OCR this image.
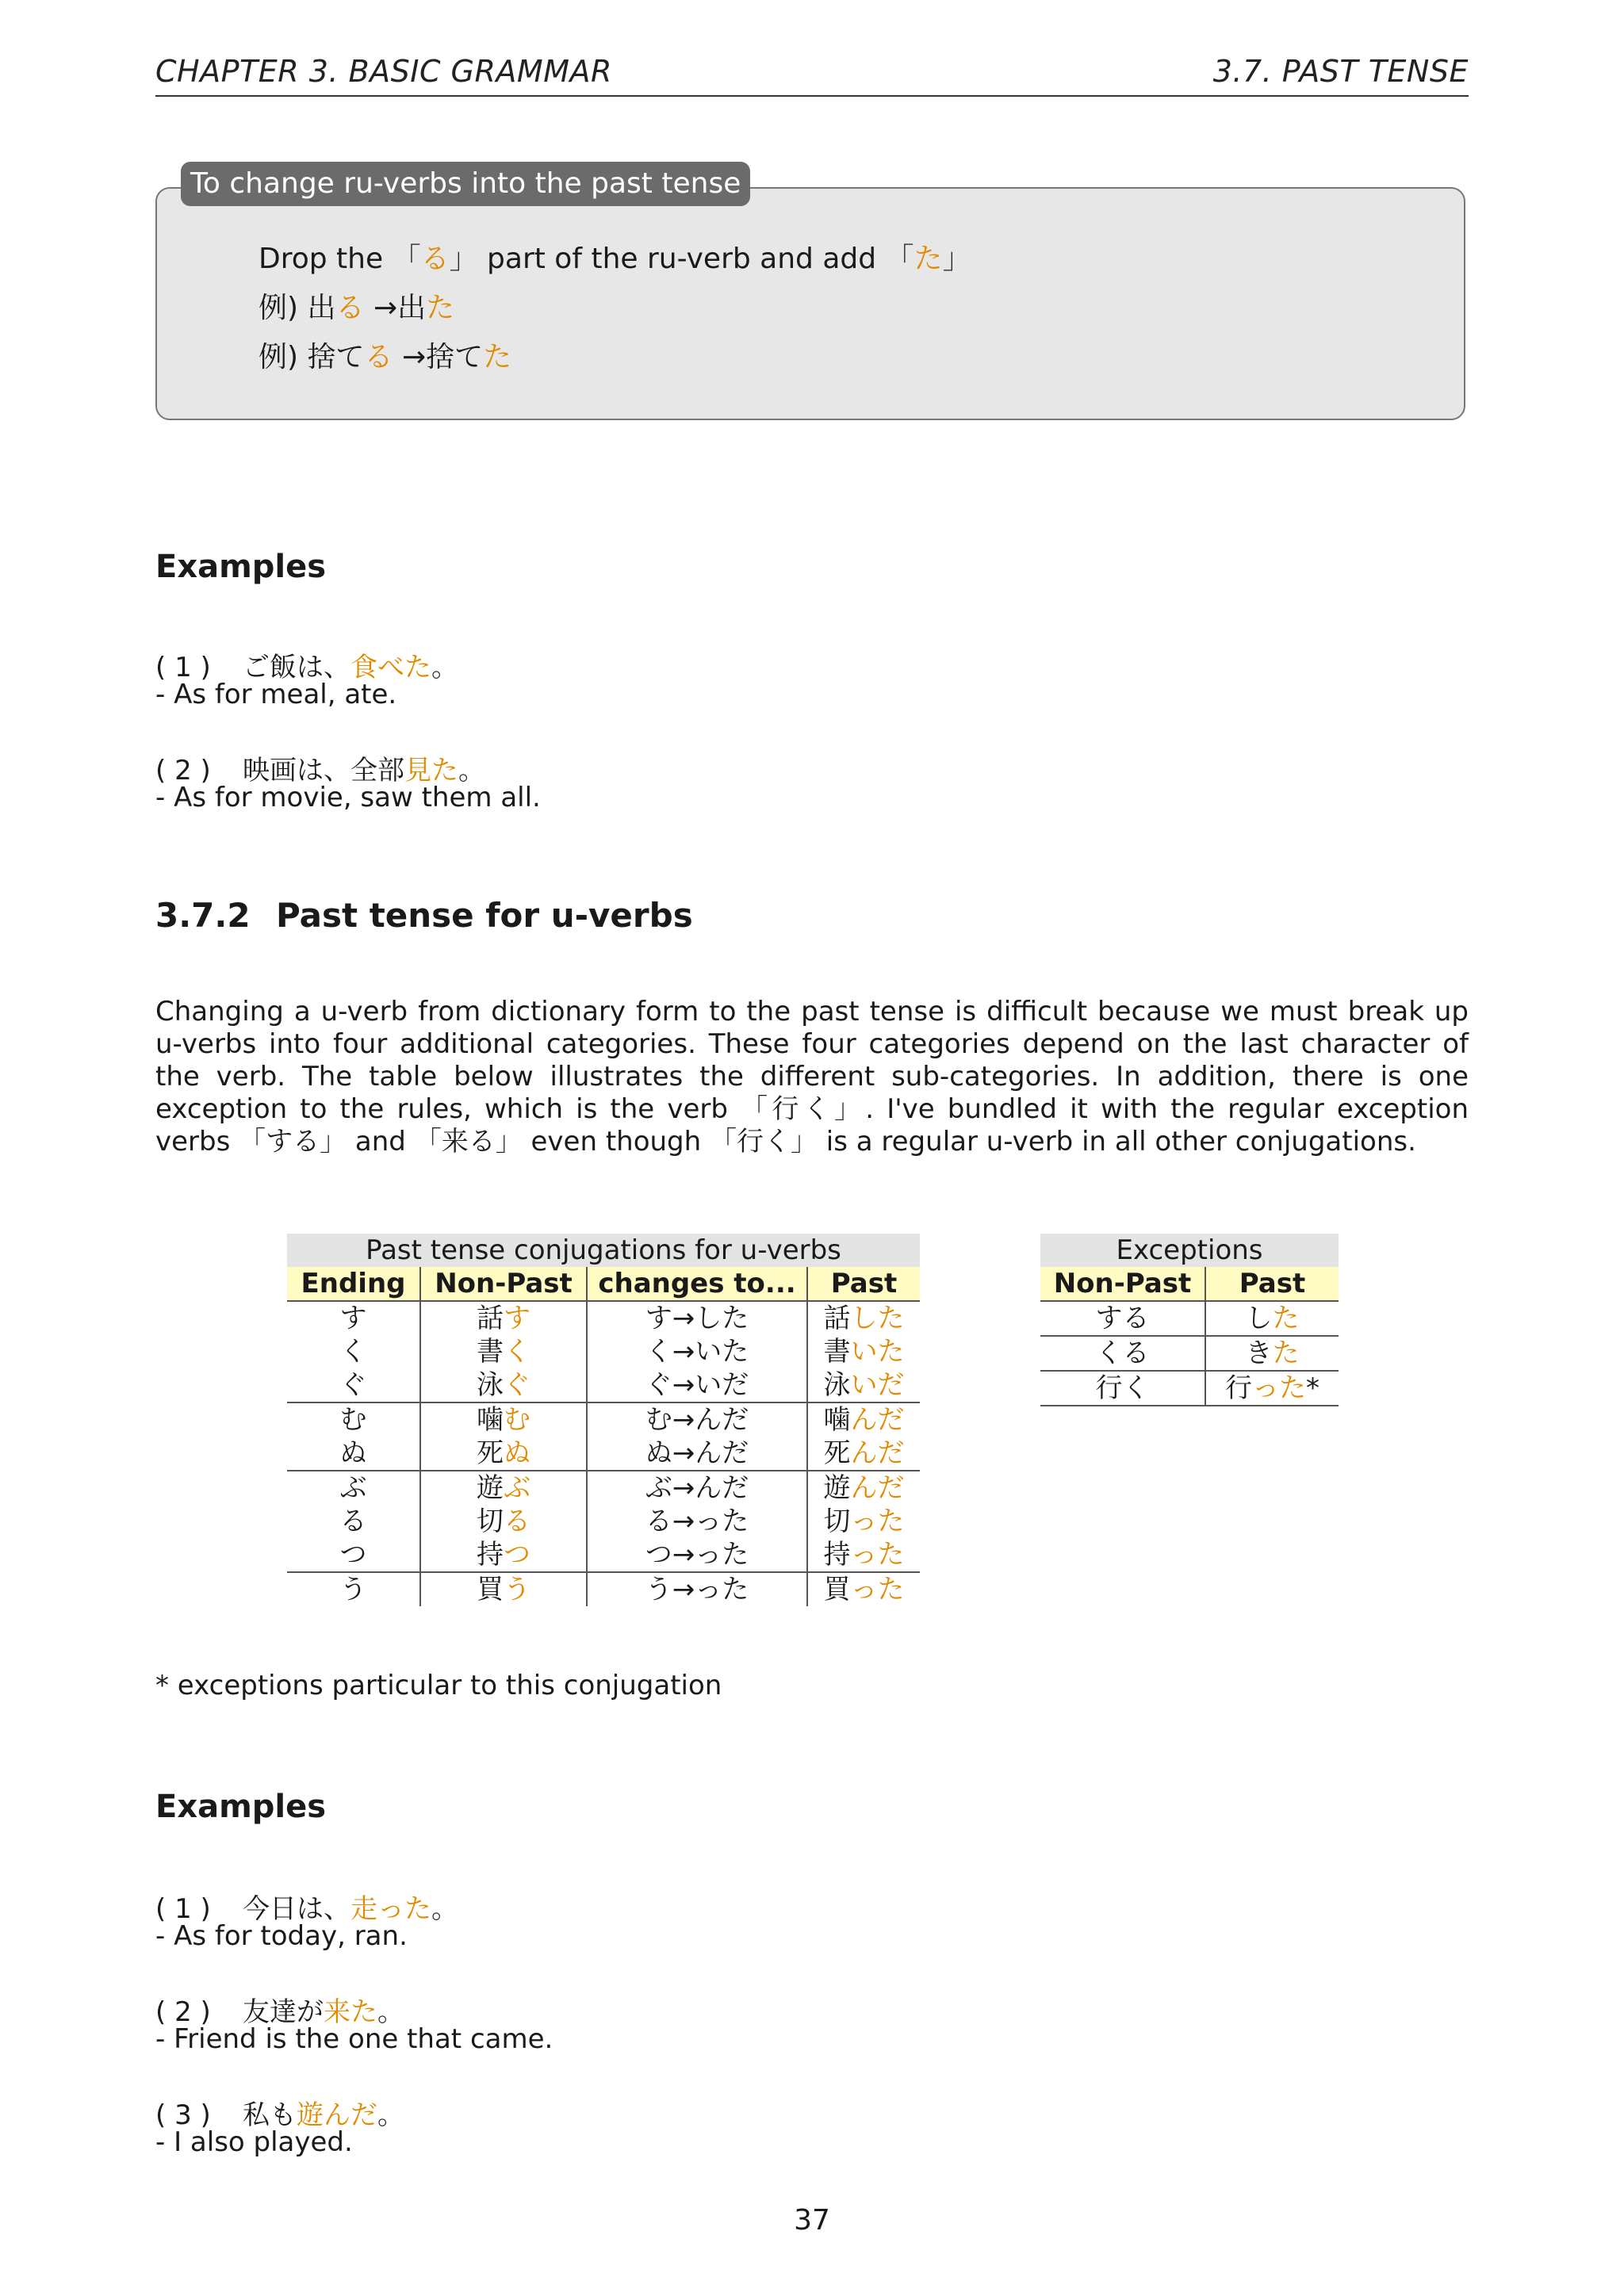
CHAPTER 3. BASIC GRAMMAR	3.7. PAST TENSE
To change ru-verbs into the past tense
Drop the 「る」 part of the ru-verb and add 「た」
例) 出る →出た
例) 捨てる →捨てた
Examples
( 1 ) ご飯は、食べた。
- As for meal, ate.
( 2 ) 映画は、全部見た。
- As for movie, saw them all.
3.7.2 Past tense for u-verbs
Changing a u-verb from dictionary form to the past tense is difficult because we must break up u-verbs into four additional categories. These four categories depend on the last character of the verb. The table below illustrates the different sub-categories. In addition, there is one exception to the rules, which is the verb 「行く」. I've bundled it with the regular exception verbs 「する」 and 「来る」 even though 「行く」 is a regular u-verb in all other conjugations.
Past tense conjugations for u-verbs
Ending	Non-Past	changes to...	Past
す	話す	す→した	話した
く	書く	く→いた	書いた
ぐ	泳ぐ	ぐ→いだ	泳いだ
む	噛む	む→んだ	噛んだ
ぬ	死ぬ	ぬ→んだ	死んだ
ぶ	遊ぶ	ぶ→んだ	遊んだ
る	切る	る→った	切った
つ	持つ	つ→った	持った
う	買う	う→った	買った
Exceptions
Non-Past	Past
する	した
くる	きた
行く	行った*
* exceptions particular to this conjugation
Examples
( 1 ) 今日は、走った。
- As for today, ran.
( 2 ) 友達が来た。
- Friend is the one that came.
( 3 ) 私も遊んだ。
- I also played.
37
